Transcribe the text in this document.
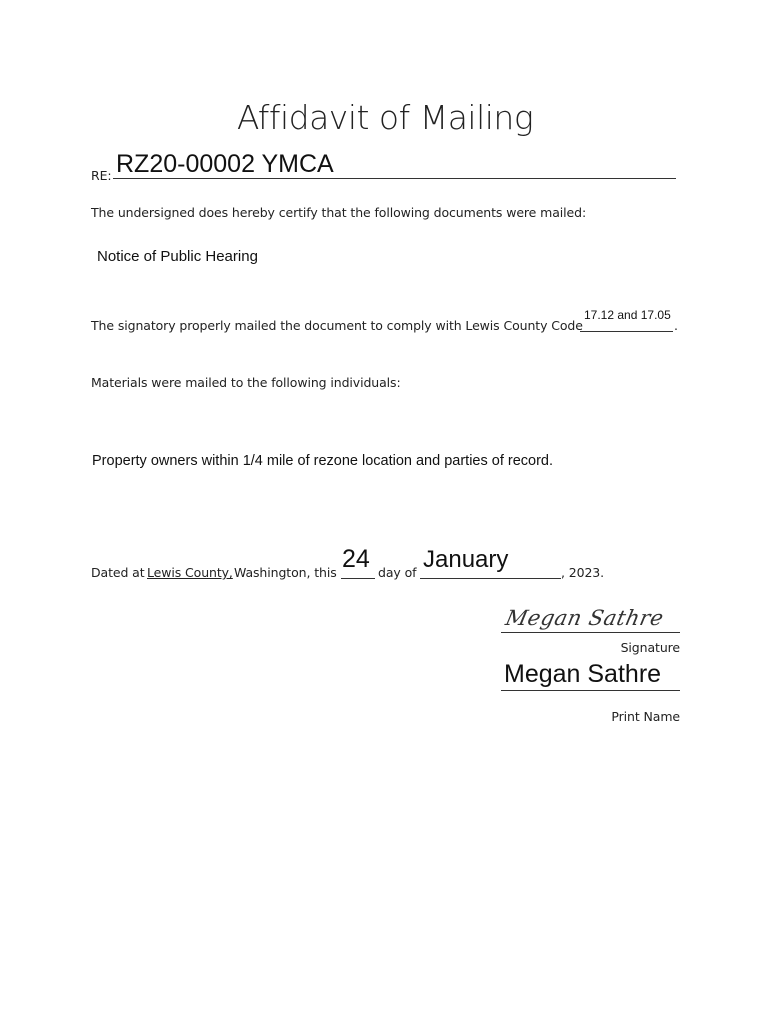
Affidavit of Mailing
RE: RZ20-00002 YMCA
The undersigned does hereby certify that the following documents were mailed:
Notice of Public Hearing
The signatory properly mailed the document to comply with Lewis County Code	.
17.12 and 17.05
Materials were mailed to the following individuals:
Property owners within 1/4 mile of rezone location and parties of record.
Dated at Lewis County, Washington, this 24 day of January	, 2023.
Megan Sathre
Signature
Megan Sathre
Print Name
